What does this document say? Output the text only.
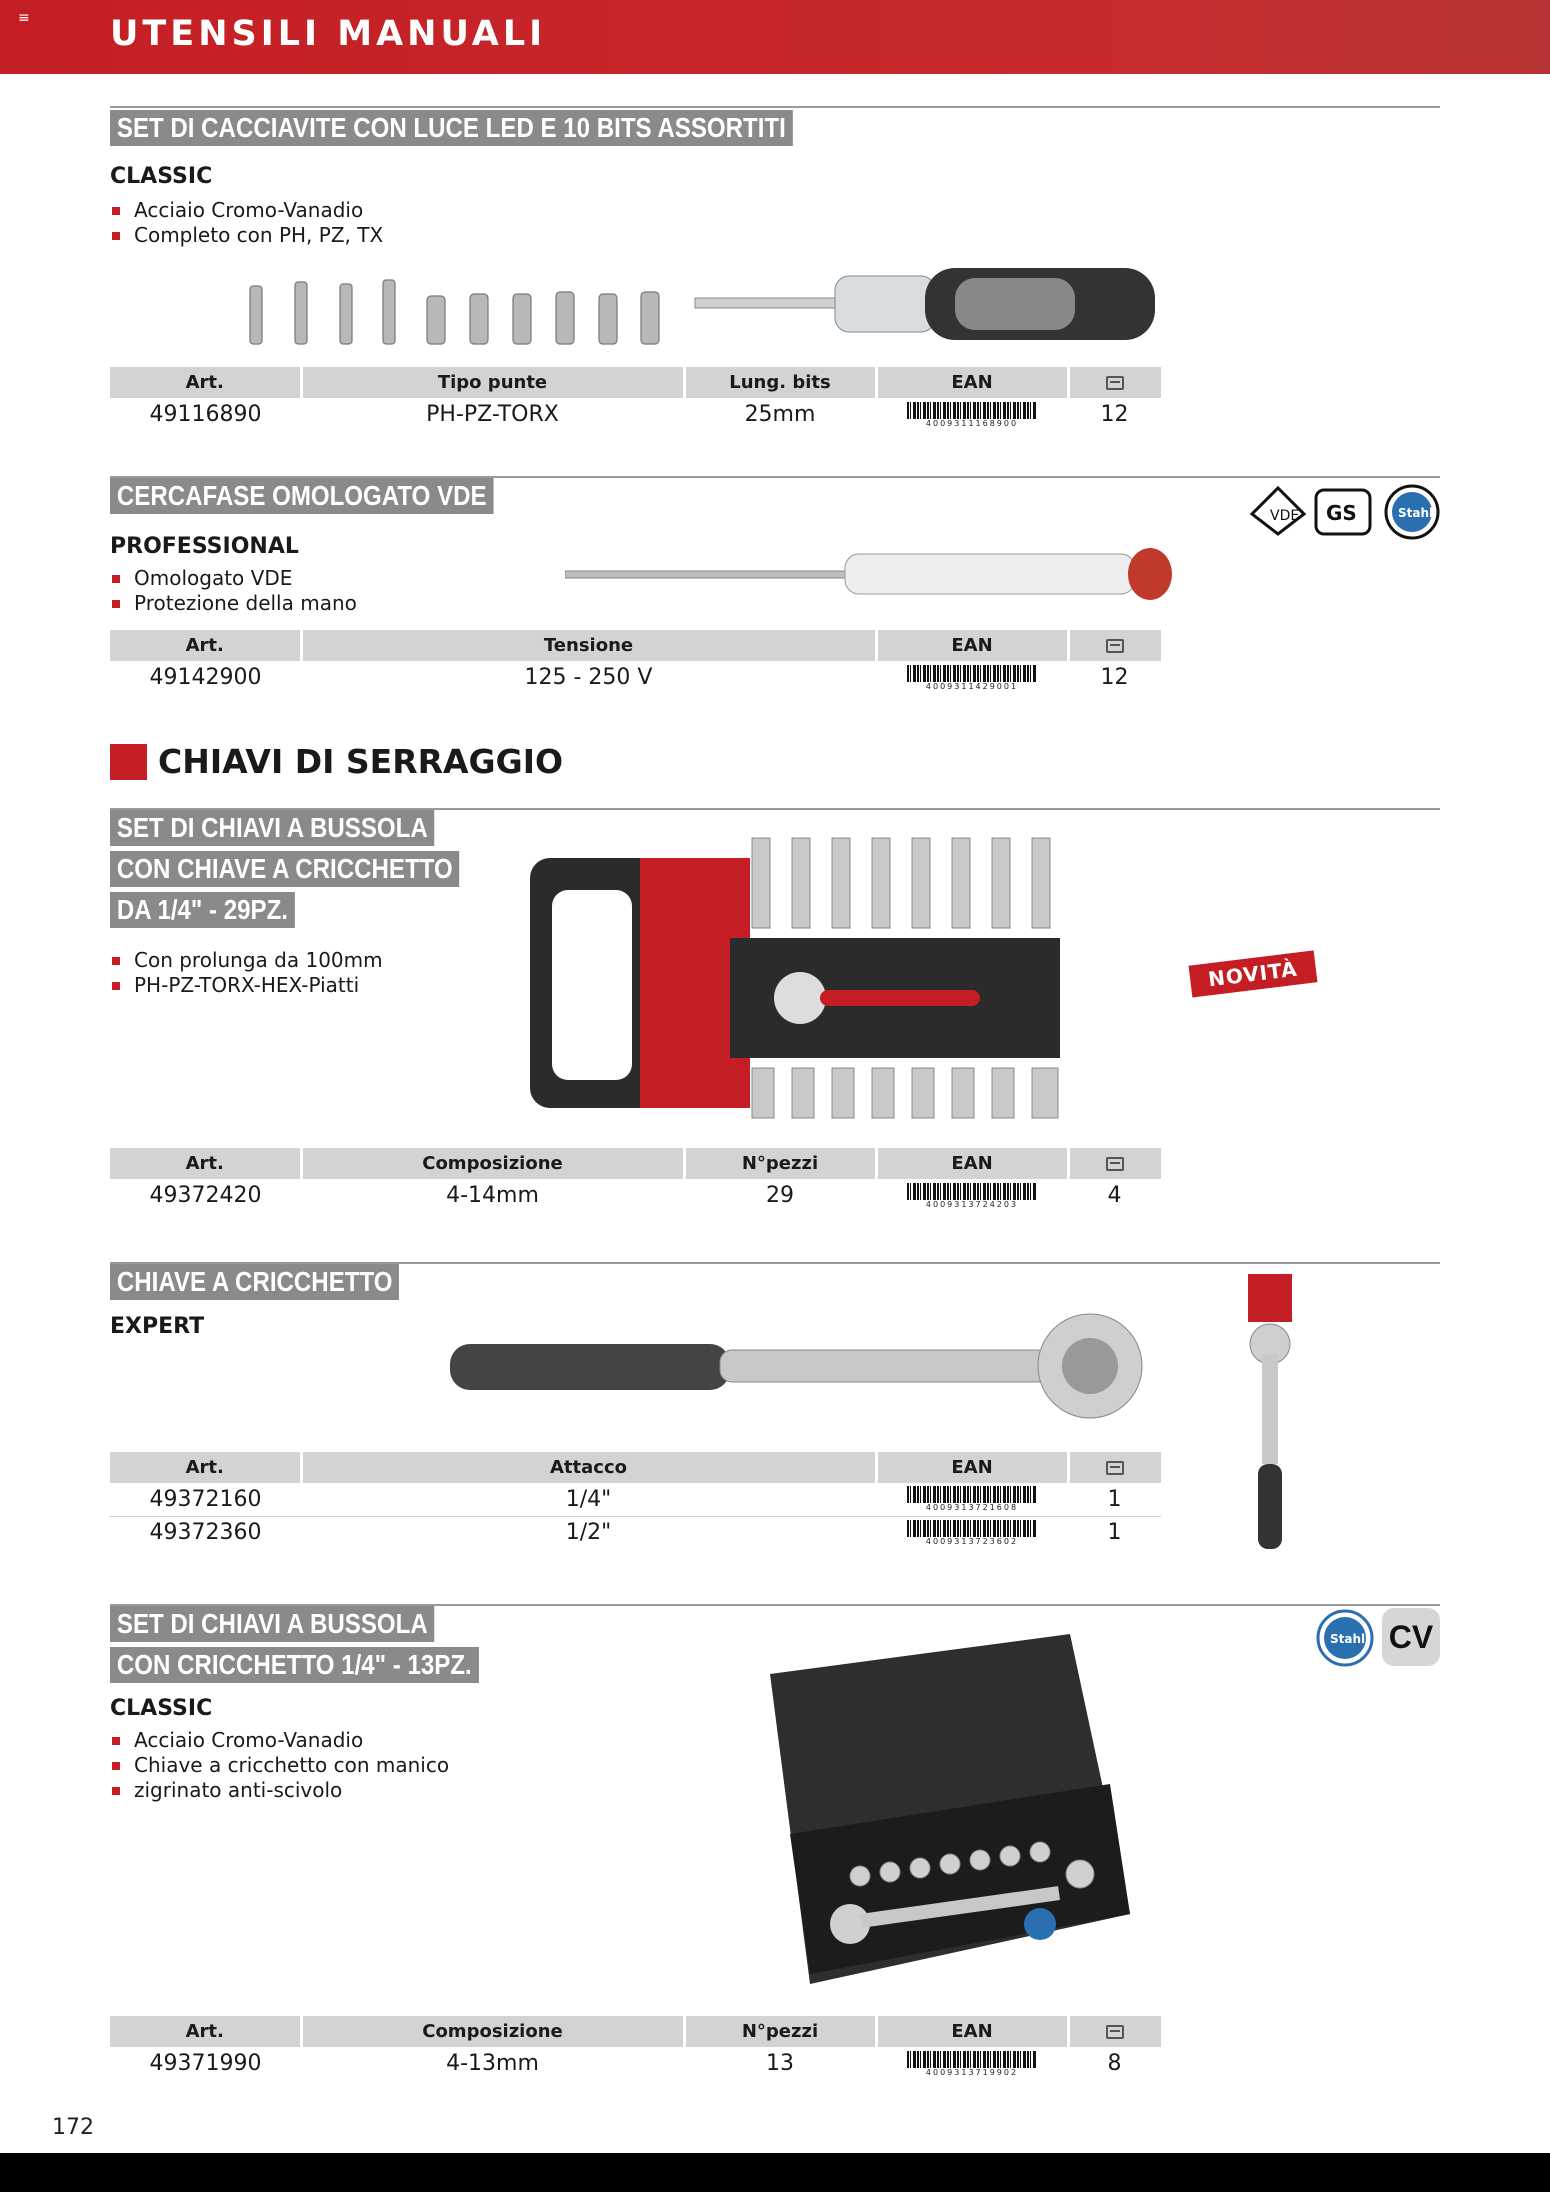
≡ UTENSILI MANUALI
SET DI CACCIAVITE CON LUCE LED E 10 BITS ASSORTITI
CLASSIC
Acciaio Cromo-Vanadio
Completo con PH, PZ, TX
Art.	Tipo punte	Lung. bits	EAN	
49116890	PH-PZ-TORX	25mm	4009311168900	12
CERCAFASE OMOLOGATO VDE
VDE GS	Stahl
PROFESSIONAL
Omologato VDE
Protezione della mano
Art.	Tensione	EAN	
49142900	125 - 250 V	4009311429001	12
CHIAVI DI SERRAGGIO
SET DI CHIAVI A BUSSOLA
CON CHIAVE A CRICCHETTO
DA 1/4" - 29PZ.
Con prolunga da 100mm
PH-PZ-TORX-HEX-Piatti	NOVITÀ
Art.	Composizione	N°pezzi	EAN	
49372420	4-14mm	29	4009313724203	4
CHIAVE A CRICCHETTO
EXPERT
Art.	Attacco	EAN	
49372160	1/4"	4009313721608	1
49372360	1/2"	4009313723602	1
SET DI CHIAVI A BUSSOLA
CON CRICCHETTO 1/4" - 13PZ.
Stahl CV
CLASSIC
Acciaio Cromo-Vanadio
Chiave a cricchetto con manico
zigrinato anti-scivolo
Art.	Composizione	N°pezzi	EAN	
49371990	4-13mm	13	4009313719902	8
172
